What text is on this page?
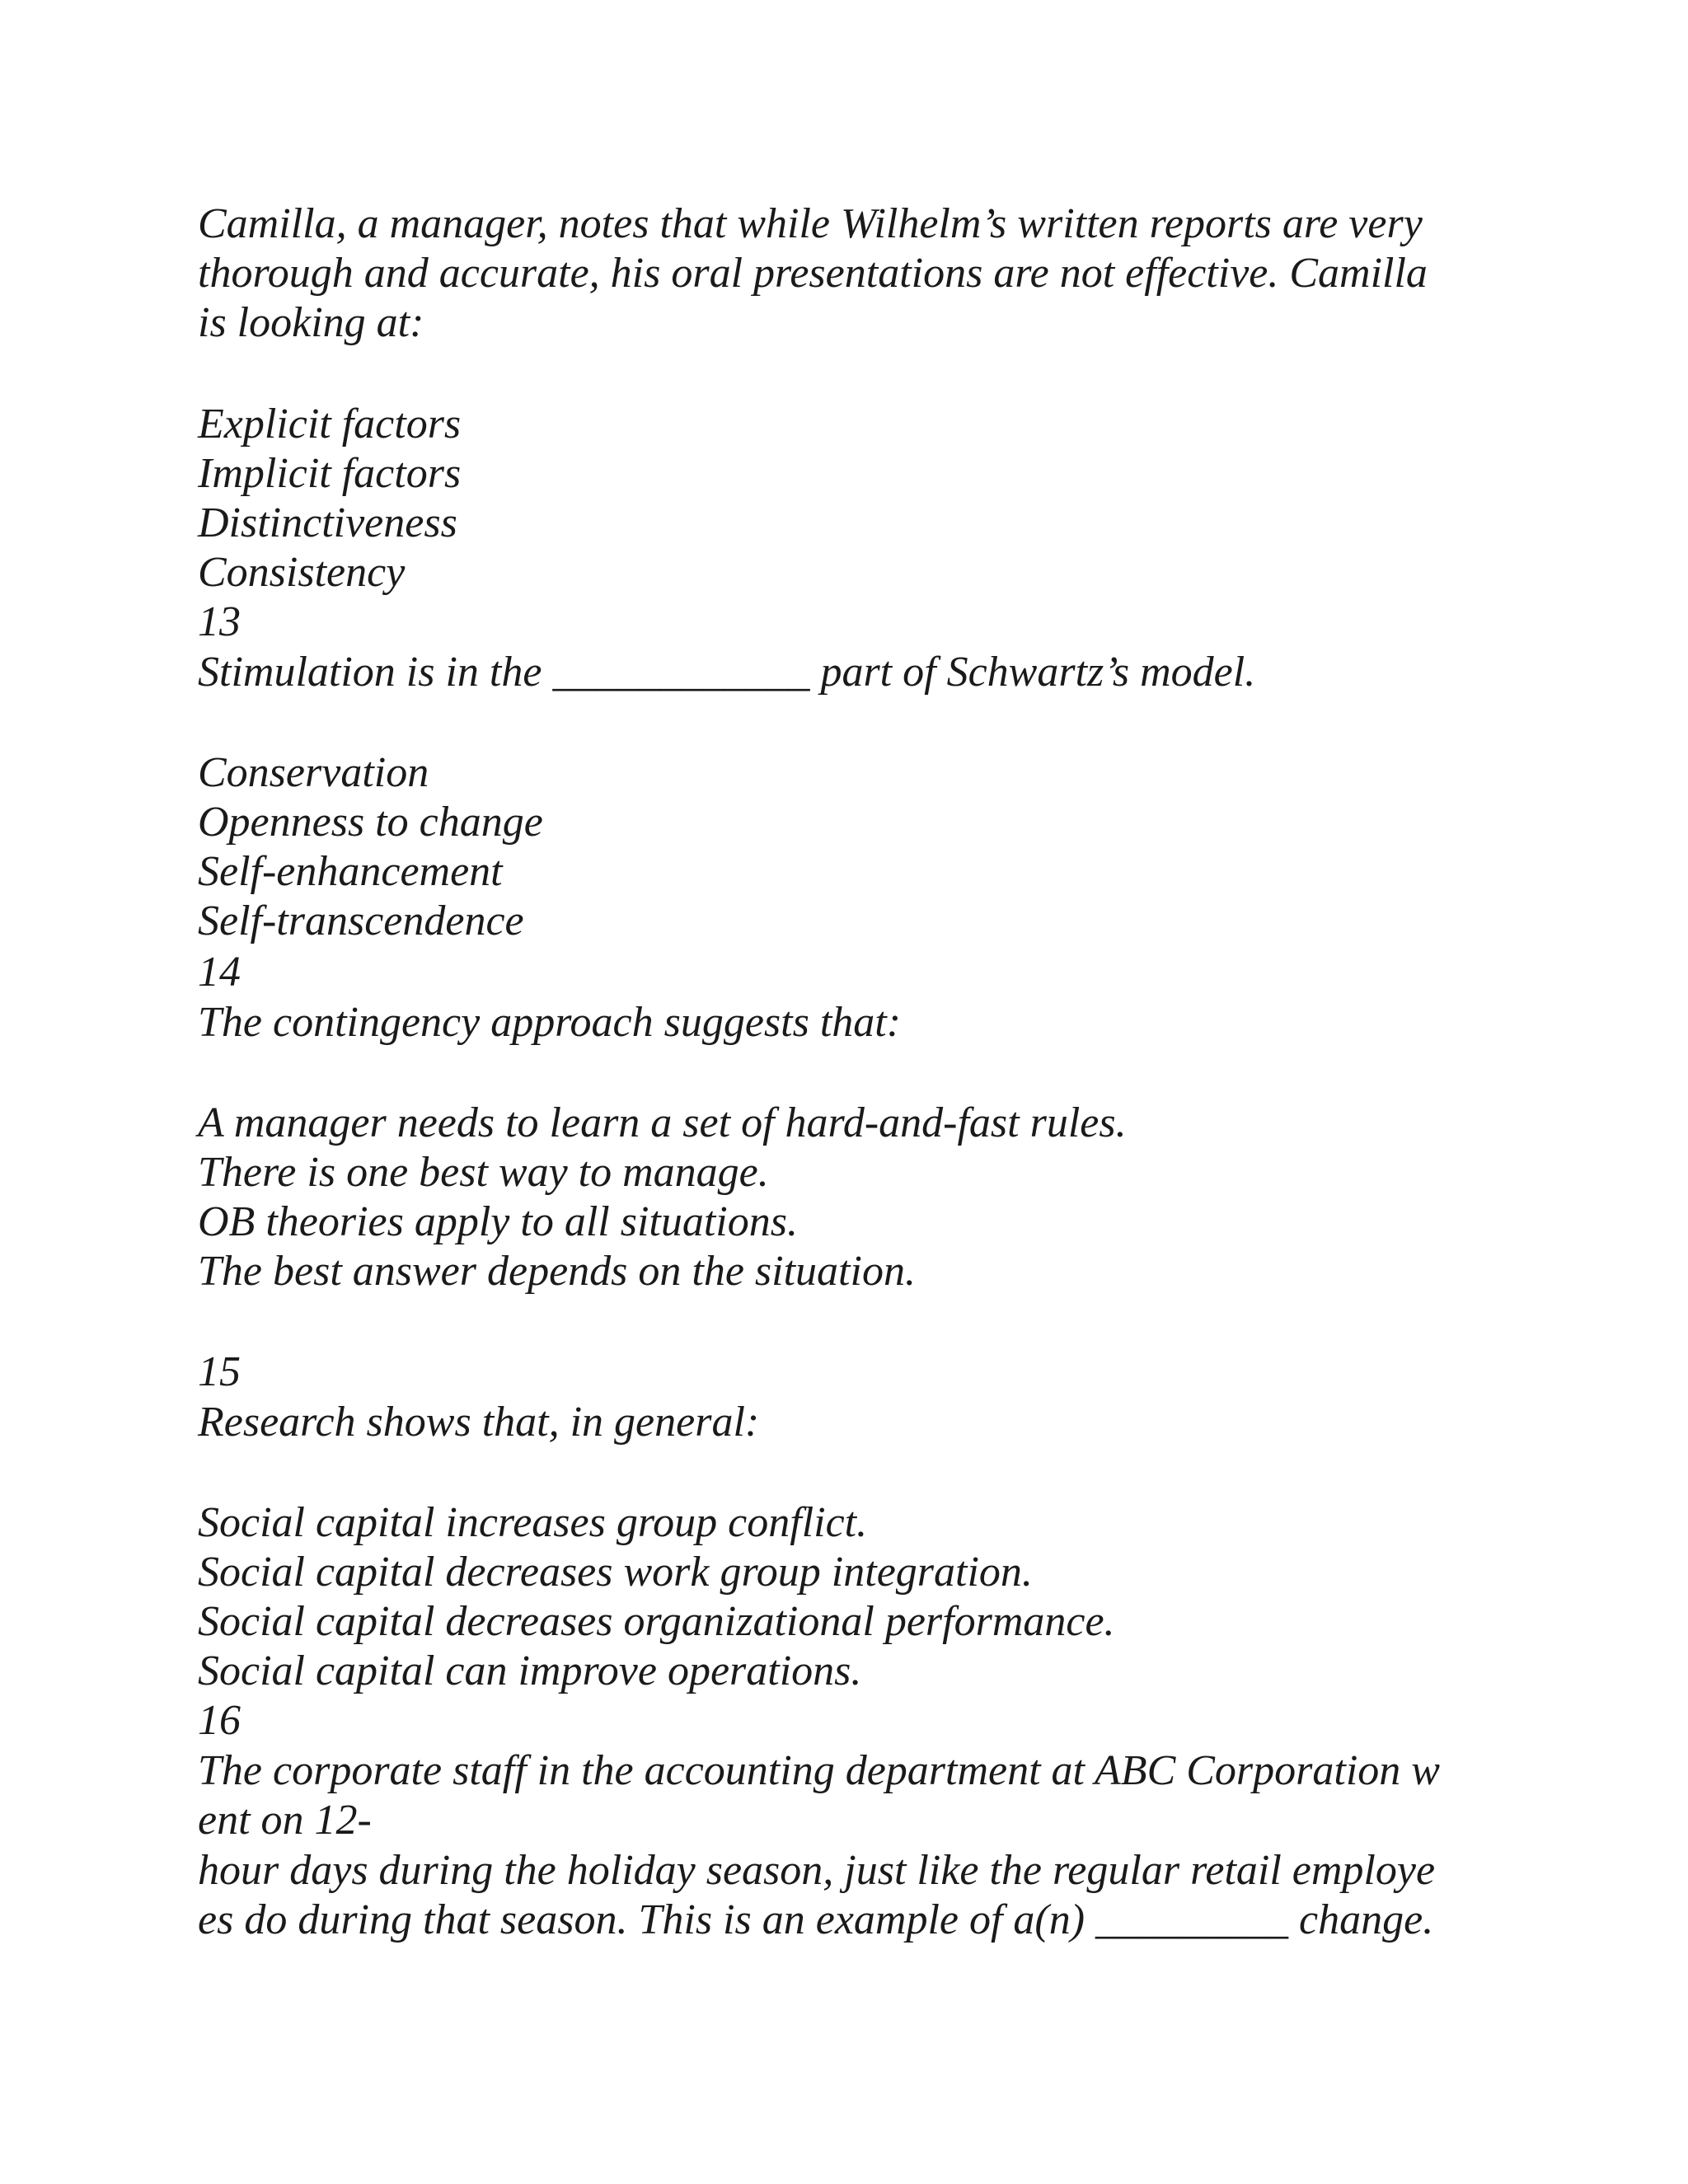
Camilla, a manager, notes that while Wilhelm’s written reports are very

thorough and accurate, his oral presentations are not effective. Camilla

is looking at:

Explicit factors

Implicit factors

Distinctiveness

Consistency

13

Stimulation is in the ____________ part of Schwartz’s model.

Conservation

Openness to change

Self-enhancement

Self-transcendence

14

The contingency approach suggests that:

A manager needs to learn a set of hard-and-fast rules.

There is one best way to manage.

OB theories apply to all situations.

The best answer depends on the situation.

15

Research shows that, in general:

Social capital increases group conflict.

Social capital decreases work group integration.

Social capital decreases organizational performance.

Social capital can improve operations.

16

The corporate staff in the accounting department at ABC Corporation w

ent on 12-

hour days during the holiday season, just like the regular retail employe

es do during that season. This is an example of a(n) _________ change.
